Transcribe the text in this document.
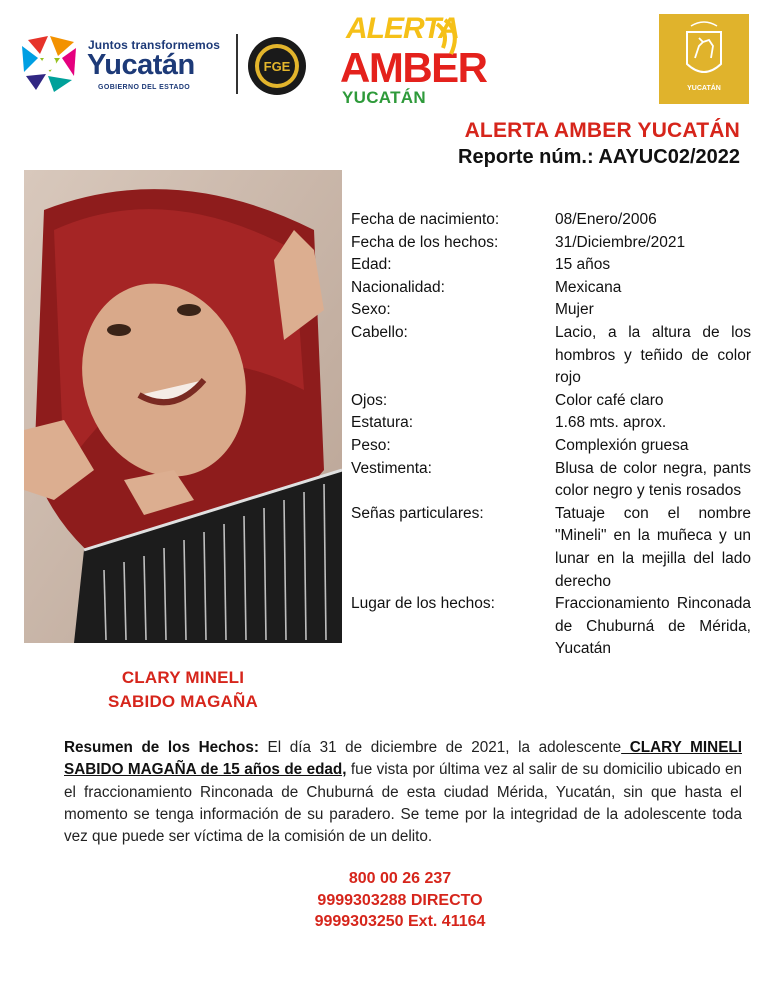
Juntos transformemos
Yucatán
GOBIERNO DEL ESTADO
FGE
ALERTA
AMBER
YUCATÁN	YUCATÁN
ALERTA AMBER YUCATÁN
Reporte núm.: AAYUC02/2022
CLARY MINELI
SABIDO MAGAÑA
Fecha de nacimiento:	08/Enero/2006
Fecha de los hechos:	31/Diciembre/2021
Edad:	15 años
Nacionalidad:	Mexicana
Sexo:	Mujer
Cabello:	Lacio, a la altura de los hombros y teñido de color rojo
Ojos:	Color café claro
Estatura:	1.68 mts. aprox.
Peso:	Complexión gruesa
Vestimenta:	Blusa de color negra, pants color negro y tenis rosados
Señas particulares:	Tatuaje con el nombre "Mineli" en la muñeca y un lunar en la mejilla del lado derecho
Lugar de los hechos:	Fraccionamiento Rinconada de Chuburná de Mérida, Yucatán
Resumen de los Hechos: El día 31 de diciembre de 2021, la adolescente CLARY MINELI SABIDO MAGAÑA de 15 años de edad, fue vista por última vez al salir de su domicilio ubicado en el fraccionamiento Rinconada de Chuburná de esta ciudad Mérida, Yucatán, sin que hasta el momento se tenga información de su paradero. Se teme por la integridad de la adolescente toda vez que puede ser víctima de la comisión de un delito.
800 00 26 237
9999303288 DIRECTO
9999303250 Ext. 41164
